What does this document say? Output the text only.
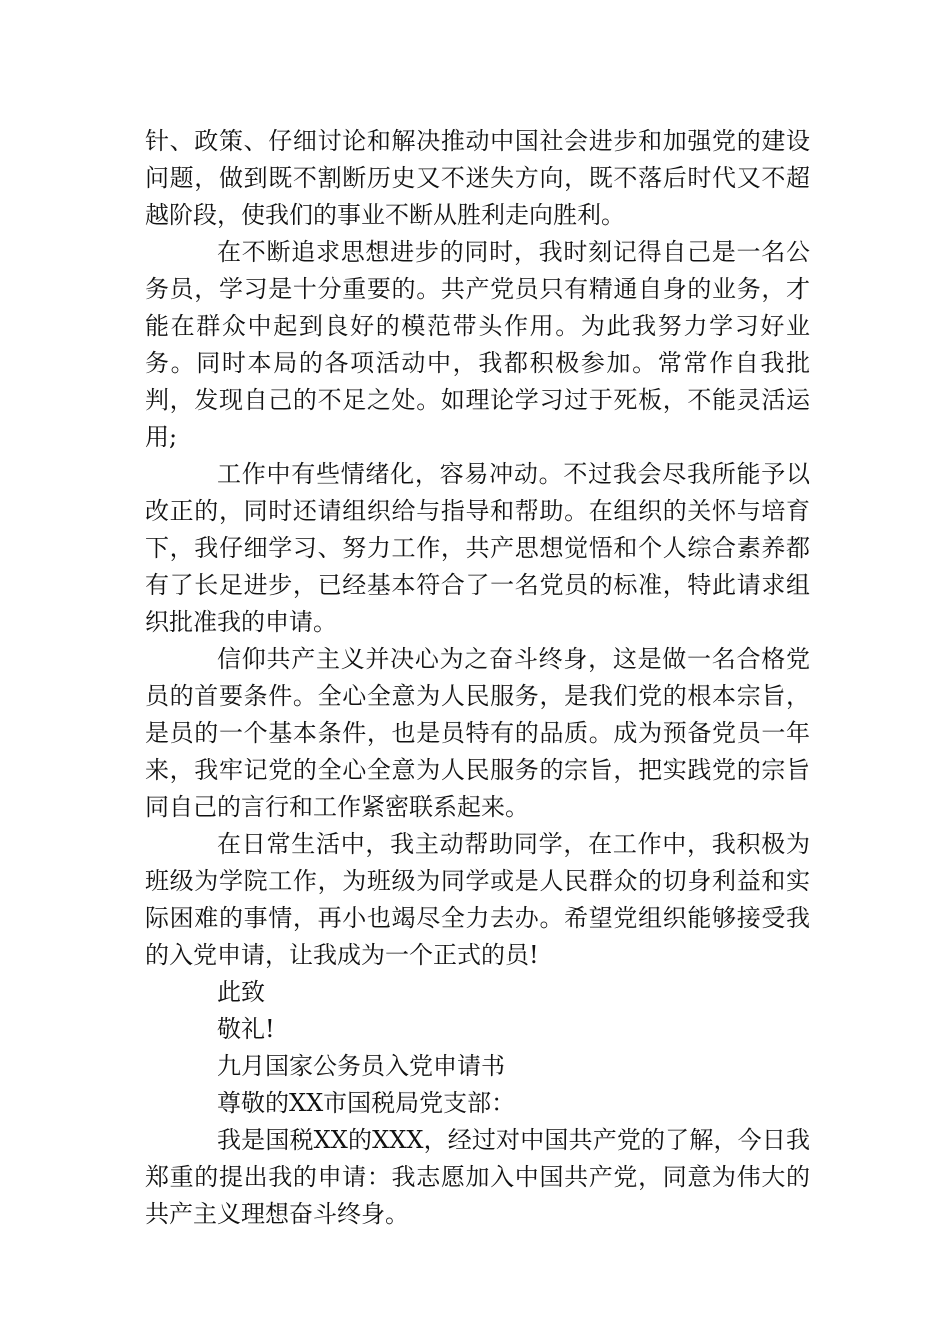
针、政策、仔细讨论和解决推动中国社会进步和加强党的建设问题，做到既不割断历史又不迷失方向，既不落后时代又不超越阶段，使我们的事业不断从胜利走向胜利。

在不断追求思想进步的同时，我时刻记得自己是一名公务员，学习是十分重要的。共产党员只有精通自身的业务，才能在群众中起到良好的模范带头作用。为此我努力学习好业务。同时本局的各项活动中，我都积极参加。常常作自我批判，发现自己的不足之处。如理论学习过于死板，不能灵活运用;

工作中有些情绪化，容易冲动。不过我会尽我所能予以改正的，同时还请组织给与指导和帮助。在组织的关怀与培育下，我仔细学习、努力工作，共产思想觉悟和个人综合素养都有了长足进步，已经基本符合了一名党员的标准，特此请求组织批准我的申请。

信仰共产主义并决心为之奋斗终身，这是做一名合格党员的首要条件。全心全意为人民服务，是我们党的根本宗旨，是员的一个基本条件，也是员特有的品质。成为预备党员一年来，我牢记党的全心全意为人民服务的宗旨，把实践党的宗旨同自己的言行和工作紧密联系起来。

在日常生活中，我主动帮助同学，在工作中，我积极为班级为学院工作，为班级为同学或是人民群众的切身利益和实际困难的事情，再小也竭尽全力去办。希望党组织能够接受我的入党申请，让我成为一个正式的员!

此致

敬礼!

九月国家公务员入党申请书

尊敬的XX市国税局党支部：

我是国税XX的XXX，经过对中国共产党的了解，今日我郑重的提出我的申请：我志愿加入中国共产党，同意为伟大的共产主义理想奋斗终身。
